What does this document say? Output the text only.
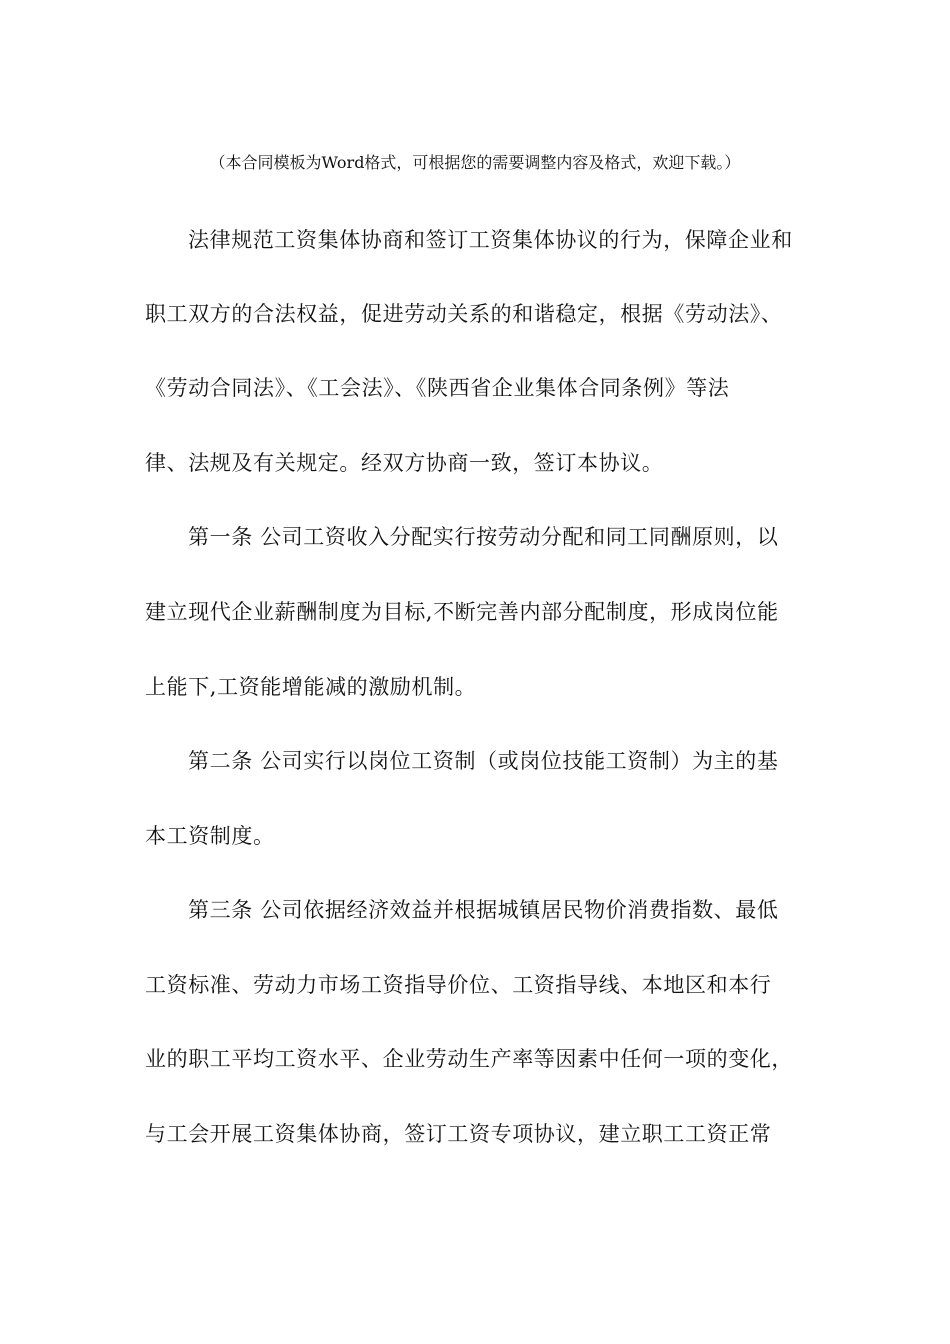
（本合同模板为Word格式，可根据您的需要调整内容及格式，欢迎下载。）
法律规范工资集体协商和签订工资集体协议的行为，保障企业和
职工双方的合法权益，促进劳动关系的和谐稳定，根据《劳动法》、
《劳动合同法》、《工会法》、《陕西省企业集体合同条例》等法
律、法规及有关规定。经双方协商一致，签订本协议。
第一条 公司工资收入分配实行按劳动分配和同工同酬原则，以
建立现代企业薪酬制度为目标,不断完善内部分配制度，形成岗位能
上能下,工资能增能减的激励机制。
第二条 公司实行以岗位工资制（或岗位技能工资制）为主的基
本工资制度。
第三条 公司依据经济效益并根据城镇居民物价消费指数、最低
工资标准、劳动力市场工资指导价位、工资指导线、本地区和本行
业的职工平均工资水平、企业劳动生产率等因素中任何一项的变化，
与工会开展工资集体协商，签订工资专项协议，建立职工工资正常
